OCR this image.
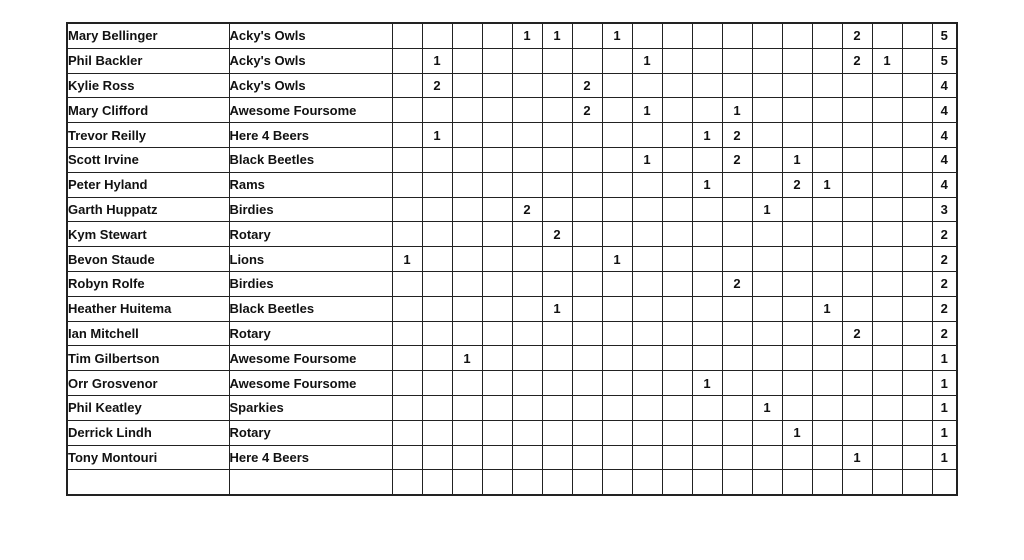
Mary Bellinger	Acky's Owls					1	1		1								2			5
Phil Backler	Acky's Owls		1							1							2	1		5
Kylie Ross	Acky's Owls		2					2												4
Mary Clifford	Awesome Foursome							2		1			1							4
Trevor Reilly	Here 4 Beers		1									1	2							4
Scott Irvine	Black Beetles									1			2		1					4
Peter Hyland	Rams											1			2	1				4
Garth Huppatz	Birdies					2								1						3
Kym Stewart	Rotary						2													2
Bevon Staude	Lions	1							1											2
Robyn Rolfe	Birdies												2							2
Heather Huitema	Black Beetles						1									1				2
Ian Mitchell	Rotary																2			2
Tim Gilbertson	Awesome Foursome			1																1
Orr Grosvenor	Awesome Foursome											1								1
Phil Keatley	Sparkies													1						1
Derrick Lindh	Rotary														1					1
Tony Montouri	Here 4 Beers																1			1
